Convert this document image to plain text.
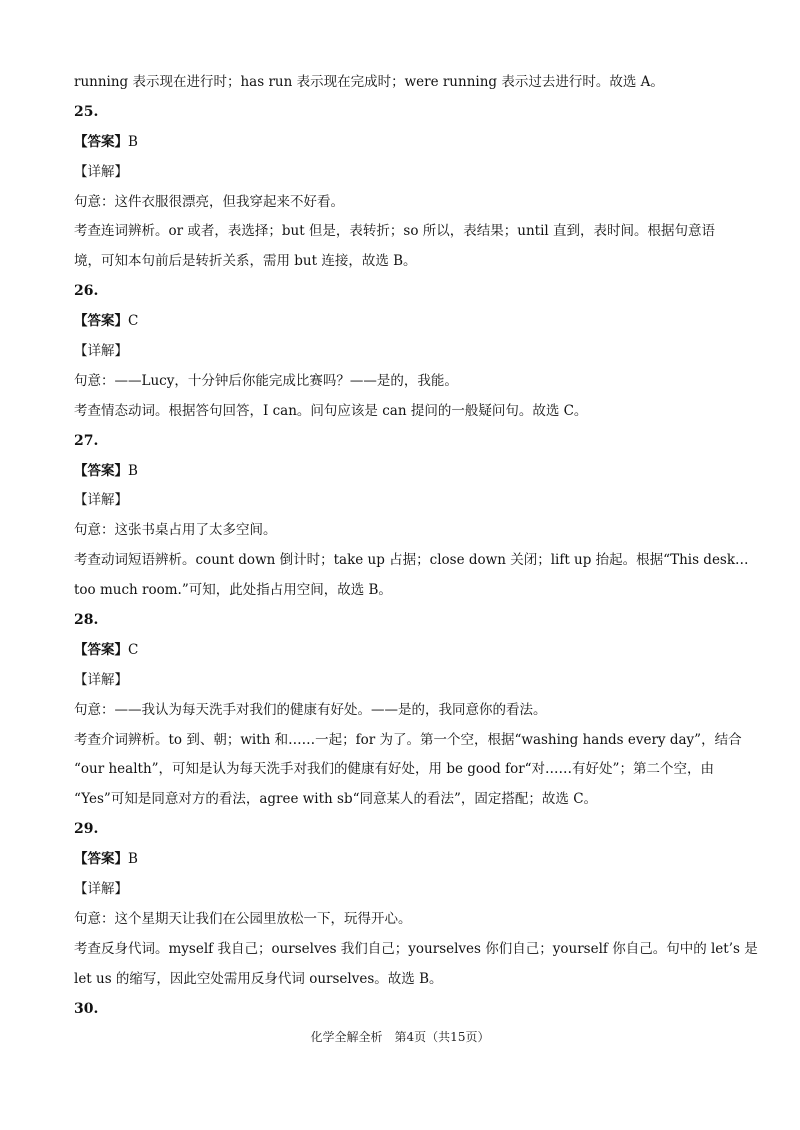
running 表示现在进行时；has run 表示现在完成时；were running 表示过去进行时。故选 A。
25.
【答案】B
【详解】
句意：这件衣服很漂亮，但我穿起来不好看。
考查连词辨析。or 或者，表选择；but 但是，表转折；so 所以，表结果；until 直到，表时间。根据句意语
境，可知本句前后是转折关系，需用 but 连接，故选 B。
26.
【答案】C
【详解】
句意：——Lucy，十分钟后你能完成比赛吗？——是的，我能。
考查情态动词。根据答句回答，I can。问句应该是 can 提问的一般疑问句。故选 C。
27.
【答案】B
【详解】
句意：这张书桌占用了太多空间。
考查动词短语辨析。count down 倒计时；take up 占据；close down 关闭；lift up 抬起。根据“This desk…
too much room.”可知，此处指占用空间，故选 B。
28.
【答案】C
【详解】
句意：——我认为每天洗手对我们的健康有好处。——是的，我同意你的看法。
考查介词辨析。to 到、朝；with 和……一起；for 为了。第一个空，根据“washing hands every day”，结合
“our health”，可知是认为每天洗手对我们的健康有好处，用 be good for“对……有好处”；第二个空，由
“Yes”可知是同意对方的看法，agree with sb“同意某人的看法”，固定搭配；故选 C。
29.
【答案】B
【详解】
句意：这个星期天让我们在公园里放松一下，玩得开心。
考查反身代词。myself 我自己；ourselves 我们自己；yourselves 你们自己；yourself 你自己。句中的 let’s 是
let us 的缩写，因此空处需用反身代词 ourselves。故选 B。
30.
化学全解全析　第4页（共15页）
